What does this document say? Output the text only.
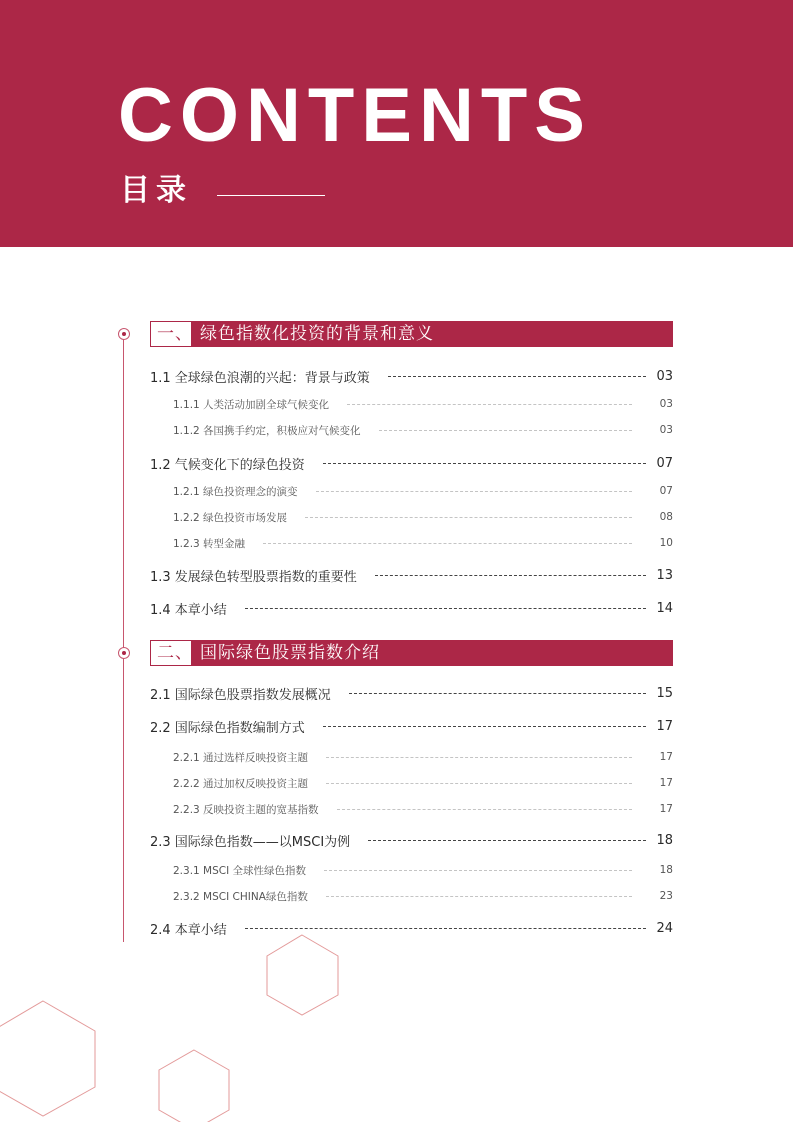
CONTENTS
目录
一、 绿色指数化投资的背景和意义
1.1 全球绿色浪潮的兴起：背景与政策	03
1.1.1 人类活动加剧全球气候变化	03
1.1.2 各国携手约定，积极应对气候变化	03
1.2 气候变化下的绿色投资	07
1.2.1 绿色投资理念的演变	07
1.2.2 绿色投资市场发展	08
1.2.3 转型金融	10
1.3 发展绿色转型股票指数的重要性	13
1.4 本章小结	14
二、 国际绿色股票指数介绍
2.1 国际绿色股票指数发展概况	15
2.2 国际绿色指数编制方式	17
2.2.1 通过选样反映投资主题	17
2.2.2 通过加权反映投资主题	17
2.2.3 反映投资主题的宽基指数	17
2.3 国际绿色指数——以MSCI为例	18
2.3.1 MSCI 全球性绿色指数	18
2.3.2 MSCI CHINA绿色指数	23
2.4 本章小结	24
